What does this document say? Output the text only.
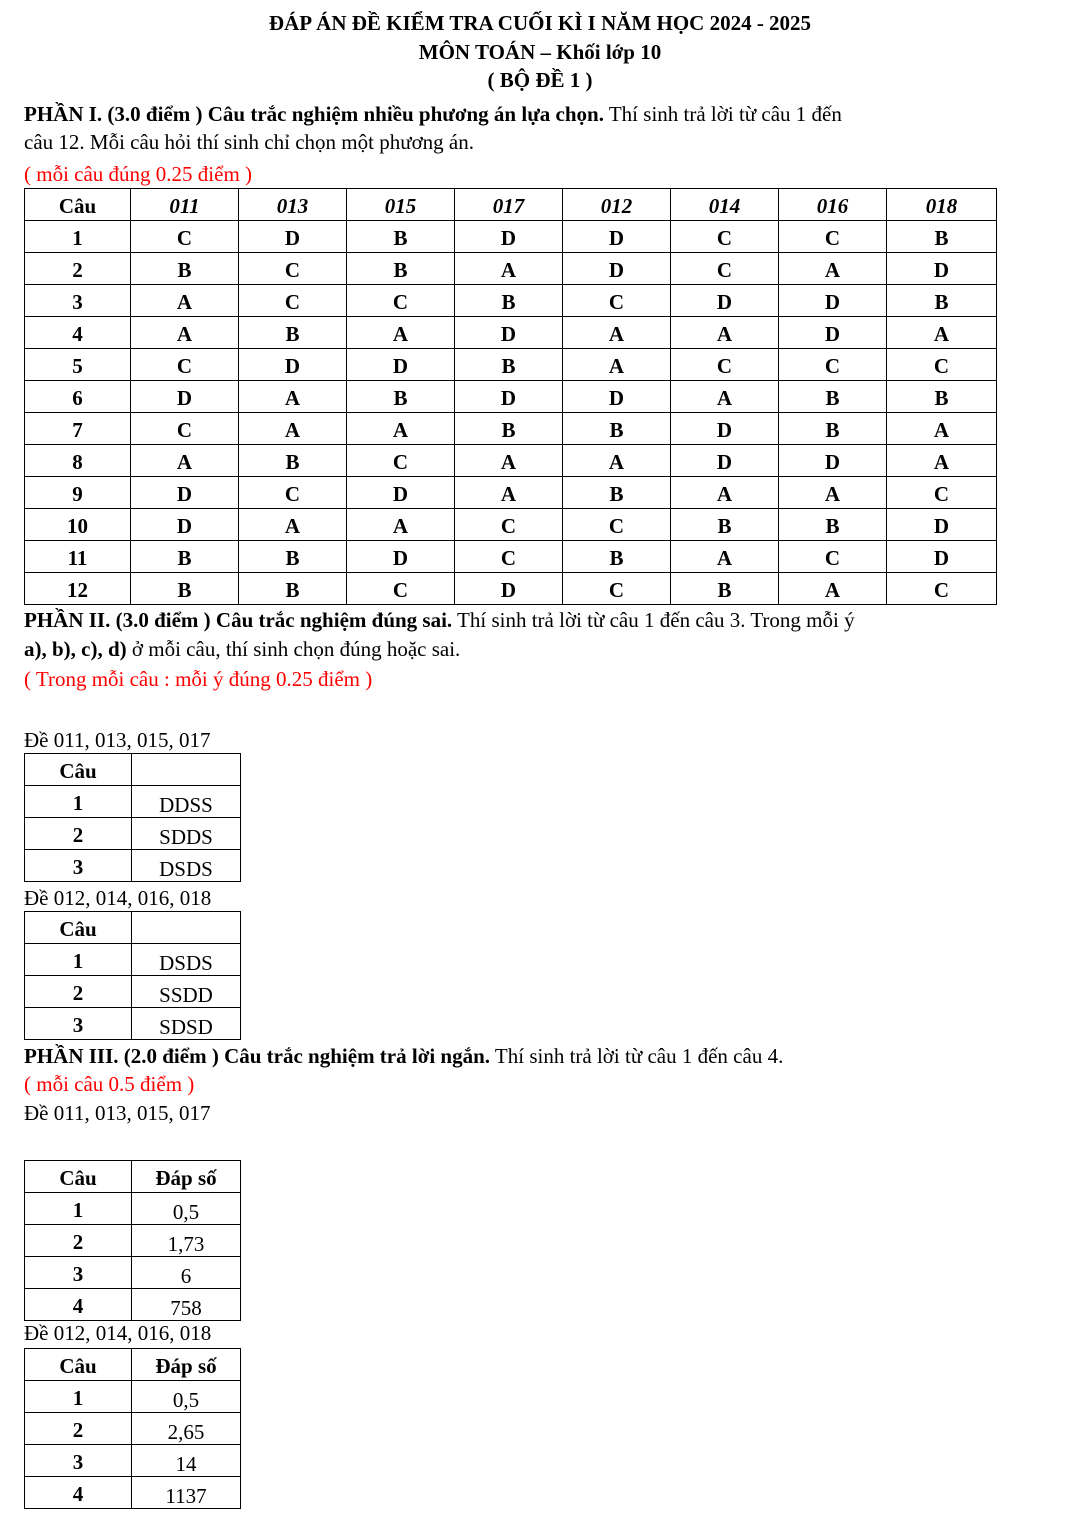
ĐÁP ÁN ĐỀ KIỂM TRA CUỐI KÌ I NĂM HỌC 2024 - 2025
MÔN TOÁN – Khối lớp 10
( BỘ ĐỀ 1 )
PHẦN I. (3.0 điểm ) Câu trắc nghiệm nhiều phương án lựa chọn. Thí sinh trả lời từ câu 1 đến
câu 12. Mỗi câu hỏi thí sinh chỉ chọn một phương án.
( mỗi câu đúng 0.25 điểm )
Câu	011	013	015	017	012	014	016	018
1	C	D	B	D	D	C	C	B
2	B	C	B	A	D	C	A	D
3	A	C	C	B	C	D	D	B
4	A	B	A	D	A	A	D	A
5	C	D	D	B	A	C	C	C
6	D	A	B	D	D	A	B	B
7	C	A	A	B	B	D	B	A
8	A	B	C	A	A	D	D	A
9	D	C	D	A	B	A	A	C
10	D	A	A	C	C	B	B	D
11	B	B	D	C	B	A	C	D
12	B	B	C	D	C	B	A	C
PHẦN II. (3.0 điểm ) Câu trắc nghiệm đúng sai. Thí sinh trả lời từ câu 1 đến câu 3. Trong mỗi ý
a), b), c), d) ở mỗi câu, thí sinh chọn đúng hoặc sai.
( Trong mỗi câu : mỗi ý đúng 0.25 điểm )
Đề 011, 013, 015, 017
Câu	
1	DDSS
2	SDDS
3	DSDS
Đề 012, 014, 016, 018
Câu	
1	DSDS
2	SSDD
3	SDSD
PHẦN III. (2.0 điểm ) Câu trắc nghiệm trả lời ngắn. Thí sinh trả lời từ câu 1 đến câu 4.
( mỗi câu 0.5 điểm )
Đề 011, 013, 015, 017
Câu	Đáp số
1	0,5
2	1,73
3	6
4	758
Đề 012, 014, 016, 018
Câu	Đáp số
1	0,5
2	2,65
3	14
4	1137
